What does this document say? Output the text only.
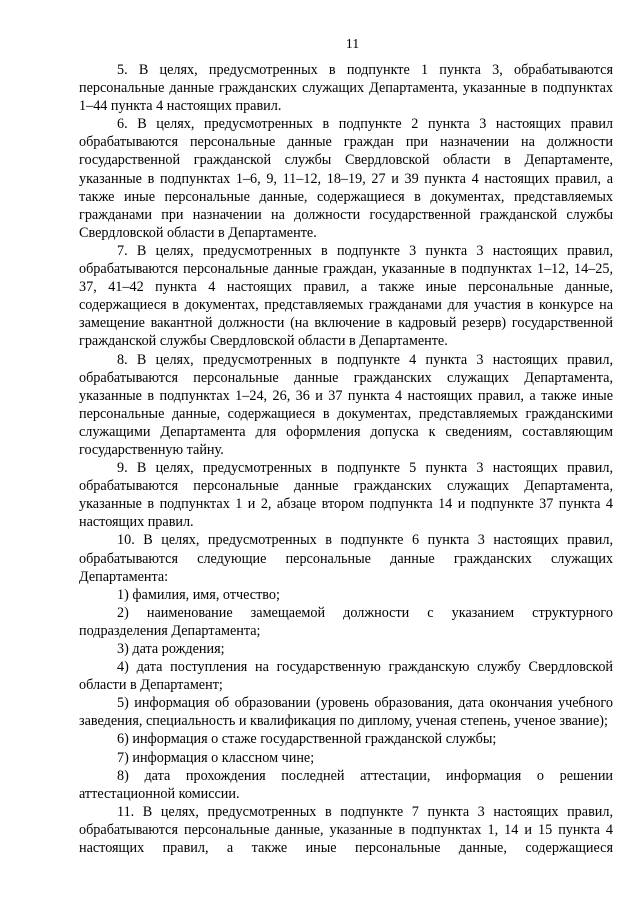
11

5. В целях, предусмотренных в подпункте 1 пункта 3, обрабатываются персональные данные гражданских служащих Департамента, указанные в подпунктах 1–44 пункта 4 настоящих правил.

6. В целях, предусмотренных в подпункте 2 пункта 3 настоящих правил обрабатываются персональные данные граждан при назначении на должности государственной гражданской службы Свердловской области в Департаменте, указанные в подпунктах 1–6, 9, 11–12, 18–19, 27 и 39 пункта 4 настоящих правил, а также иные персональные данные, содержащиеся в документах, представляемых гражданами при назначении на должности государственной гражданской службы Свердловской области в Департаменте.

7. В целях, предусмотренных в подпункте 3 пункта 3 настоящих правил, обрабатываются персональные данные граждан, указанные в подпунктах 1–12, 14–25, 37, 41–42 пункта 4 настоящих правил, а также иные персональные данные, содержащиеся в документах, представляемых гражданами для участия в конкурсе на замещение вакантной должности (на включение в кадровый резерв) государственной гражданской службы Свердловской области в Департаменте.

8. В целях, предусмотренных в подпункте 4 пункта 3 настоящих правил, обрабатываются персональные данные гражданских служащих Департамента, указанные в подпунктах 1–24, 26, 36 и 37 пункта 4 настоящих правил, а также иные персональные данные, содержащиеся в документах, представляемых гражданскими служащими Департамента для оформления допуска к сведениям, составляющим государственную тайну.

9. В целях, предусмотренных в подпункте 5 пункта 3 настоящих правил, обрабатываются персональные данные гражданских служащих Департамента, указанные в подпунктах 1 и 2, абзаце втором подпункта 14 и подпункте 37 пункта 4 настоящих правил.

10. В целях, предусмотренных в подпункте 6 пункта 3 настоящих правил, обрабатываются следующие персональные данные гражданских служащих Департамента:

1) фамилия, имя, отчество;

2) наименование замещаемой должности с указанием структурного подразделения Департамента;

3) дата рождения;

4) дата поступления на государственную гражданскую службу Свердловской области в Департамент;

5) информация об образовании (уровень образования, дата окончания учебного заведения, специальность и квалификация по диплому, ученая степень, ученое звание);

6) информация о стаже государственной гражданской службы;

7) информация о классном чине;

8) дата прохождения последней аттестации, информация о решении аттестационной комиссии.

11. В целях, предусмотренных в подпункте 7 пункта 3 настоящих правил, обрабатываются персональные данные, указанные в подпунктах 1, 14 и 15 пункта 4 настоящих правил, а также иные персональные данные, содержащиеся
